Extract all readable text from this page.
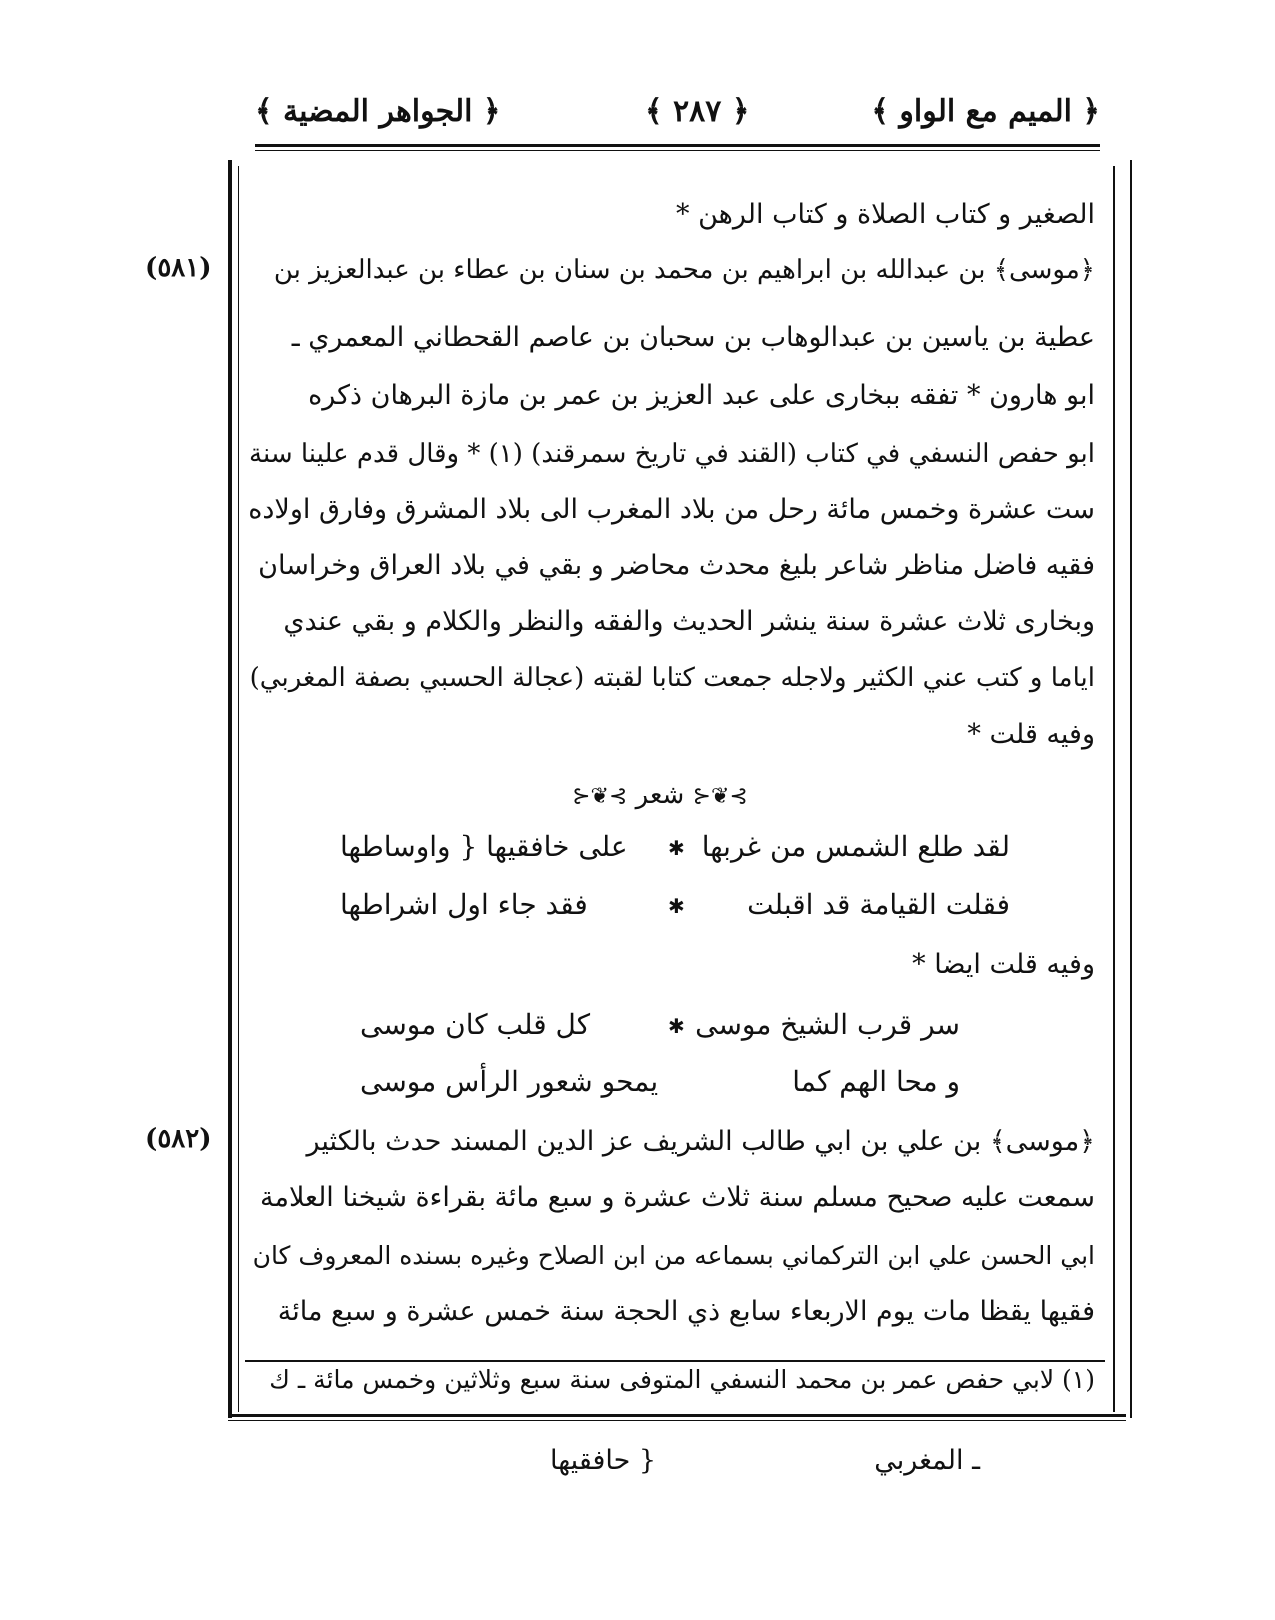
﴿ الميم مع الواو ﴾
﴿ ٢٨٧ ﴾
﴿ الجواهر المضية ﴾
(٥٨١)
(٥٨٢)
الصغير و كتاب الصلاة و كتاب الرهن *
﴿موسى﴾ بن عبدالله بن ابراهيم بن محمد بن سنان بن عطاء بن عبدالعزيز بن
عطية بن ياسين بن عبدالوهاب بن سحبان بن عاصم القحطاني المعمري ـ
ابو هارون * تفقه ببخارى على عبد العزيز بن عمر بن مازة البرهان ذكره
ابو حفص النسفي في كتاب (القند في تاريخ سمرقند) (١) * وقال قدم علينا سنة
ست عشرة وخمس مائة رحل من بلاد المغرب الى بلاد المشرق وفارق اولاده
فقيه فاضل مناظر شاعر بليغ محدث محاضر و بقي في بلاد العراق وخراسان
وبخارى ثلاث عشرة سنة ينشر الحديث والفقه والنظر والكلام و بقي عندي
اياما و كتب عني الكثير ولاجله جمعت كتابا لقبته (عجالة الحسبي بصفة المغربي)
وفيه قلت *
⊱❦⊰ شعر ⊱❦⊰
لقد طلع الشمس من غربها
✱
على خافقيها { واوساطها
فقلت القيامة قد اقبلت
✱
فقد جاء اول اشراطها
وفيه قلت ايضا *
سر قرب الشيخ موسى
✱
كل قلب كان موسى
و محا الهم كما
يمحو شعور الرأس موسى
﴿موسى﴾ بن علي بن ابي طالب الشريف عز الدين المسند حدث بالكثير
سمعت عليه صحيح مسلم سنة ثلاث عشرة و سبع مائة بقراءة شيخنا العلامة
ابي الحسن علي ابن التركماني بسماعه من ابن الصلاح وغيره بسنده المعروف كان
فقيها يقظا مات يوم الاربعاء سابع ذي الحجة سنة خمس عشرة و سبع مائة
(١) لابي حفص عمر بن محمد النسفي المتوفى سنة سبع وثلاثين وخمس مائة ـ ك
ـ المغربي
{ حافقيها
